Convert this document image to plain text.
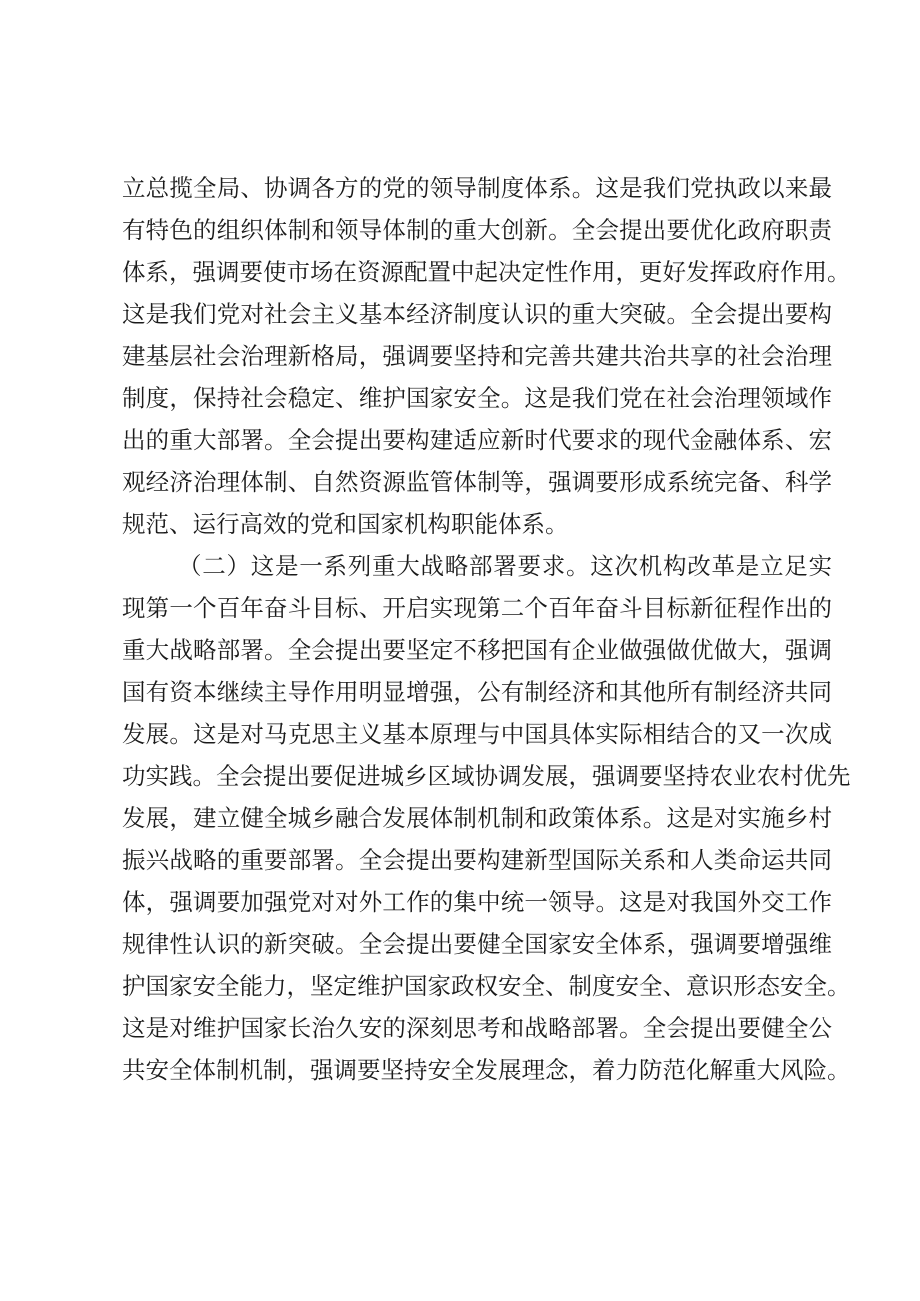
立总揽全局、协调各方的党的领导制度体系。这是我们党执政以来最
有特色的组织体制和领导体制的重大创新。全会提出要优化政府职责
体系，强调要使市场在资源配置中起决定性作用，更好发挥政府作用。
这是我们党对社会主义基本经济制度认识的重大突破。全会提出要构
建基层社会治理新格局，强调要坚持和完善共建共治共享的社会治理
制度，保持社会稳定、维护国家安全。这是我们党在社会治理领域作
出的重大部署。全会提出要构建适应新时代要求的现代金融体系、宏
观经济治理体制、自然资源监管体制等，强调要形成系统完备、科学
规范、运行高效的党和国家机构职能体系。
（二）这是一系列重大战略部署要求。这次机构改革是立足实
现第一个百年奋斗目标、开启实现第二个百年奋斗目标新征程作出的
重大战略部署。全会提出要坚定不移把国有企业做强做优做大，强调
国有资本继续主导作用明显增强，公有制经济和其他所有制经济共同
发展。这是对马克思主义基本原理与中国具体实际相结合的又一次成
功实践。全会提出要促进城乡区域协调发展，强调要坚持农业农村优先
发展，建立健全城乡融合发展体制机制和政策体系。这是对实施乡村
振兴战略的重要部署。全会提出要构建新型国际关系和人类命运共同
体，强调要加强党对对外工作的集中统一领导。这是对我国外交工作
规律性认识的新突破。全会提出要健全国家安全体系，强调要增强维
护国家安全能力，坚定维护国家政权安全、制度安全、意识形态安全。
这是对维护国家长治久安的深刻思考和战略部署。全会提出要健全公
共安全体制机制，强调要坚持安全发展理念，着力防范化解重大风险。
